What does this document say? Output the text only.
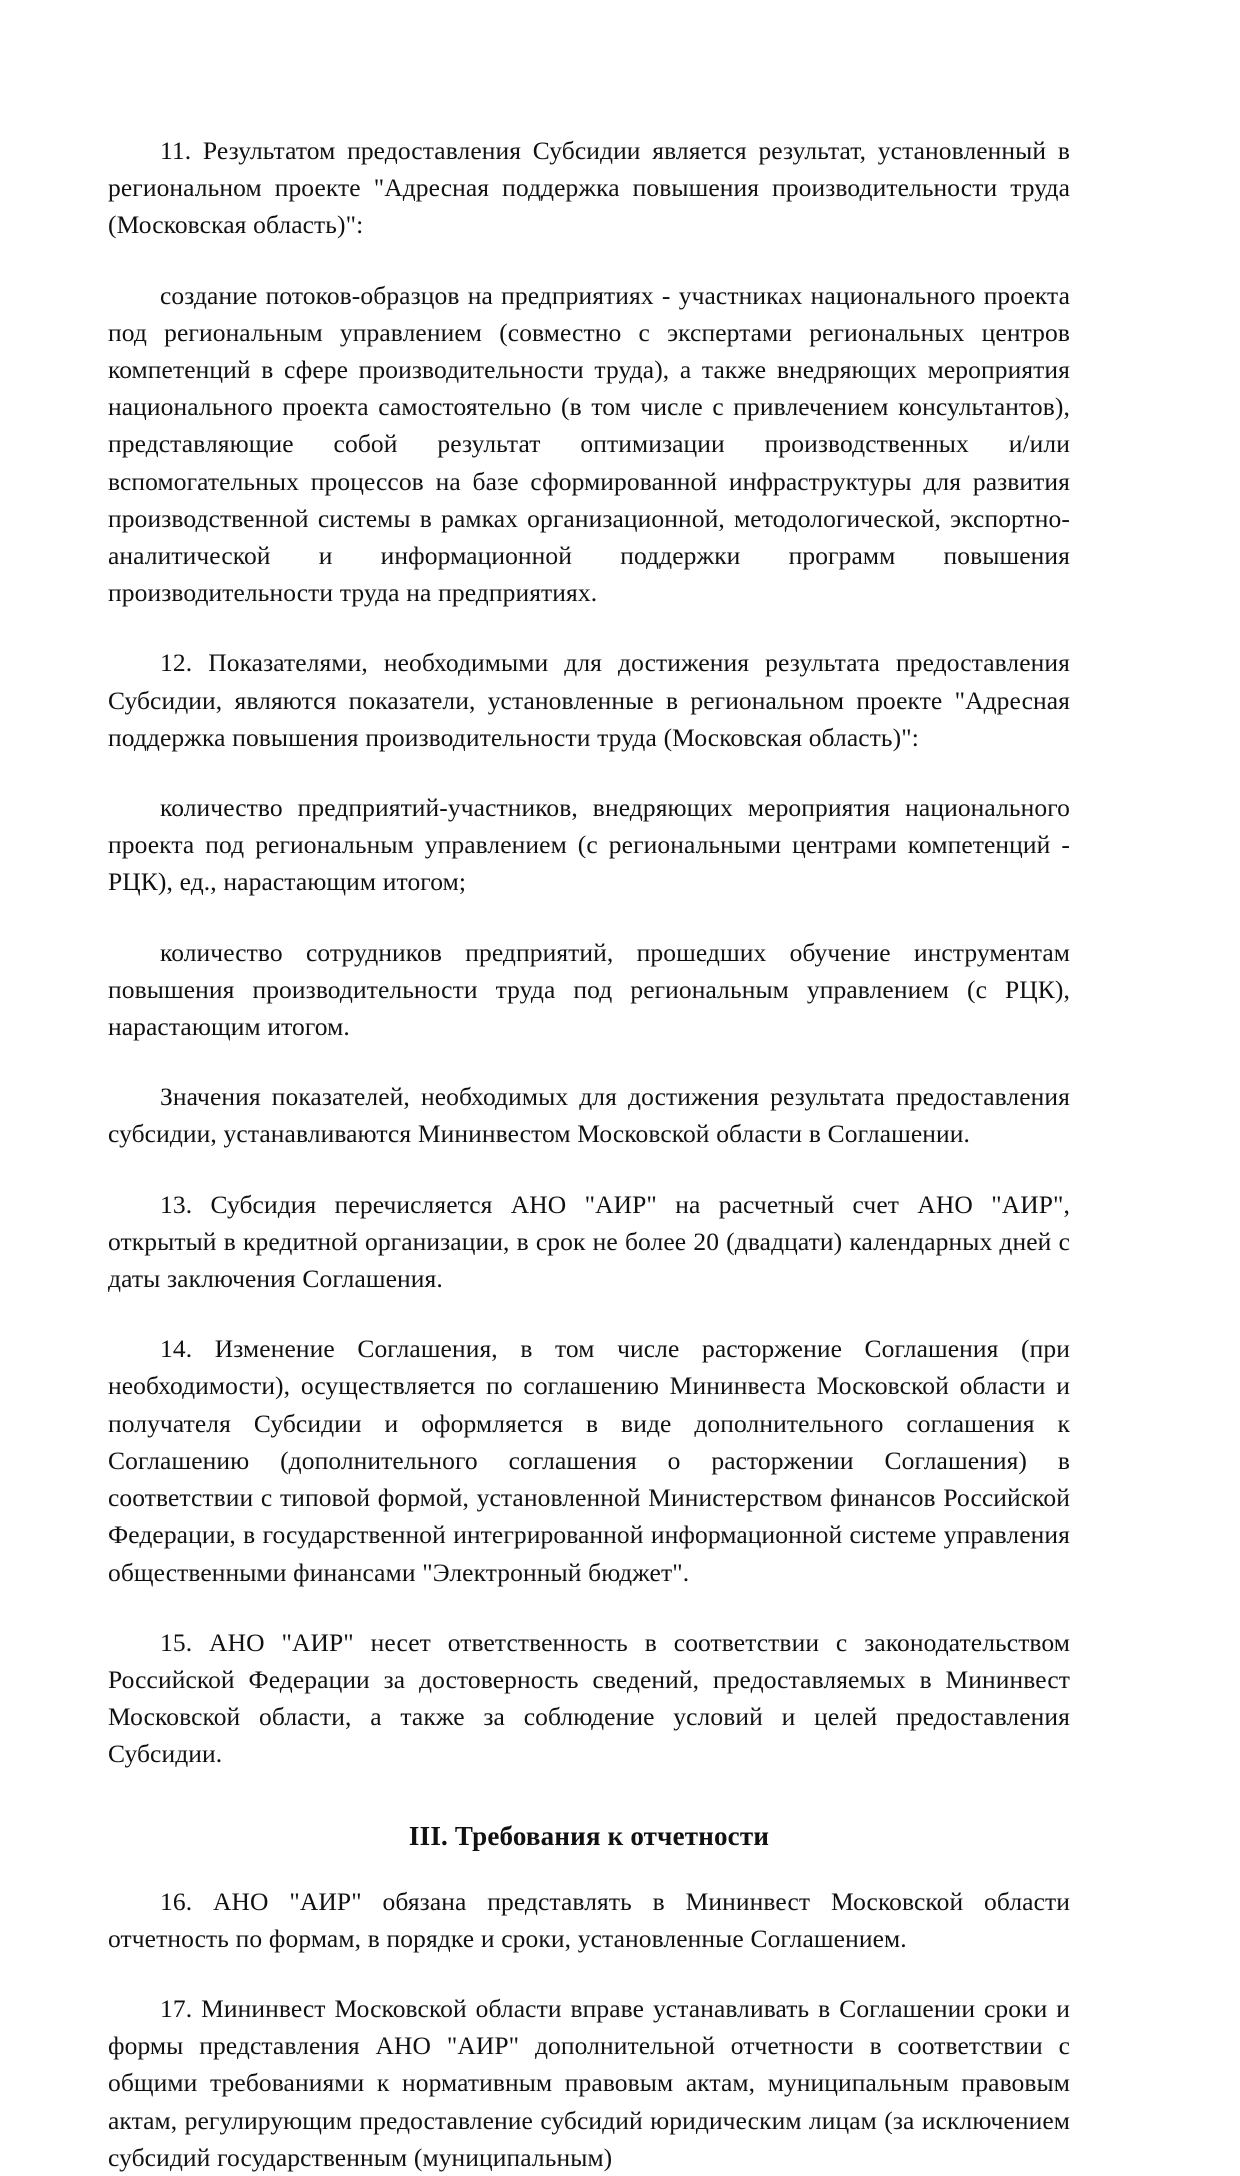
11. Результатом предоставления Субсидии является результат, установленный в региональном проекте "Адресная поддержка повышения производительности труда (Московская область)":

создание потоков-образцов на предприятиях - участниках национального проекта под региональным управлением (совместно с экспертами региональных центров компетенций в сфере производительности труда), а также внедряющих мероприятия национального проекта самостоятельно (в том числе с привлечением консультантов), представляющие собой результат оптимизации производственных и/или вспомогательных процессов на базе сформированной инфраструктуры для развития производственной системы в рамках организационной, методологической, экспортно-аналитической и информационной поддержки программ повышения производительности труда на предприятиях.

12. Показателями, необходимыми для достижения результата предоставления Субсидии, являются показатели, установленные в региональном проекте "Адресная поддержка повышения производительности труда (Московская область)":

количество предприятий-участников, внедряющих мероприятия национального проекта под региональным управлением (с региональными центрами компетенций - РЦК), ед., нарастающим итогом;

количество сотрудников предприятий, прошедших обучение инструментам повышения производительности труда под региональным управлением (с РЦК), нарастающим итогом.

Значения показателей, необходимых для достижения результата предоставления субсидии, устанавливаются Мининвестом Московской области в Соглашении.

13. Субсидия перечисляется АНО "АИР" на расчетный счет АНО "АИР", открытый в кредитной организации, в срок не более 20 (двадцати) календарных дней с даты заключения Соглашения.

14. Изменение Соглашения, в том числе расторжение Соглашения (при необходимости), осуществляется по соглашению Мининвеста Московской области и получателя Субсидии и оформляется в виде дополнительного соглашения к Соглашению (дополнительного соглашения о расторжении Соглашения) в соответствии с типовой формой, установленной Министерством финансов Российской Федерации, в государственной интегрированной информационной системе управления общественными финансами "Электронный бюджет".

15. АНО "АИР" несет ответственность в соответствии с законодательством Российской Федерации за достоверность сведений, предоставляемых в Мининвест Московской области, а также за соблюдение условий и целей предоставления Субсидии.

III. Требования к отчетности

16. АНО "АИР" обязана представлять в Мининвест Московской области отчетность по формам, в порядке и сроки, установленные Соглашением.

17. Мининвест Московской области вправе устанавливать в Соглашении сроки и формы представления АНО "АИР" дополнительной отчетности в соответствии с общими требованиями к нормативным правовым актам, муниципальным правовым актам, регулирующим предоставление субсидий юридическим лицам (за исключением субсидий государственным (муниципальным)
